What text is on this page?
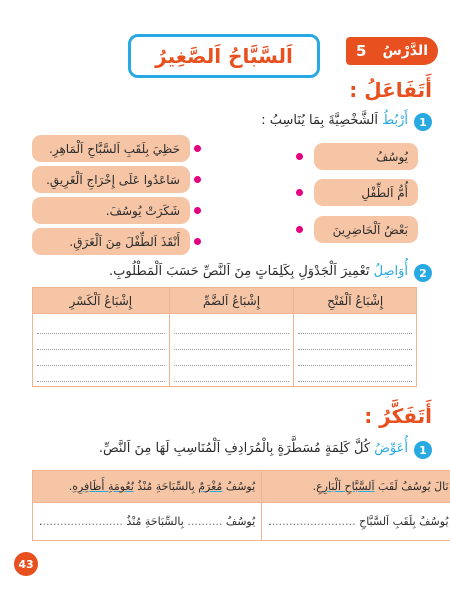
الدَّرْسُ
5
اَلسَّبَّاحُ اَلصَّغِيرُ
أَتَفَاعَلُ :
1
أَرْبُطُ اَلشَّخْصِيَّةَ بِمَا يُنَاسِبُ :
يُوسُفُ
أُمُّ اَلطِّفْلِ
بَعْضُ اَلْحَاضِرِينَ
حَظِيَ بِلَقَبِ اَلسَّبَّاحِ اَلْمَاهِرِ.
سَاعَدُوا عَلَى إِخْرَاجِ اَلْغَرِيقِ.
شَكَرَتْ يُوسُفَ.
أَنْقَذَ اَلطِّفْلَ مِنَ اَلْغَرَقِ.
2
أُوَاصِلُ تَعْمِيرَ اَلْجَدْوَلِ بِكَلِمَاتٍ مِنَ اَلنَّصِّ حَسَبَ اَلْمَطْلُوبِ.
إِشْبَاعُ اَلْفَتْحِ	إِشْبَاعُ اَلضَّمِّ	إِشْبَاعُ اَلْكَسْرِ

أَتَفَكَّرُ :
1
أُعَوِّضُ كُلَّ كَلِمَةٍ مُسَطَّرَةٍ بِالْمُرَادِفِ اَلْمُنَاسِبِ لَهَا مِنَ اَلنَّصِّ.
نَالَ يُوسُفُ لَقَبَ اَلسَّبَّاحِ اَلْبَارِعِ.	يُوسُفُ مُغْرَمٌ بِالسِّبَاحَةِ مُنْذُ نُعُومَةِ أَظَافِرِهِ.
يُوسُفُ بِلَقَبِ اَلسَّبَّاحِ .........................	يُوسُفُ .......... بِالسِّبَاحَةِ مُنْذُ ........................
43
